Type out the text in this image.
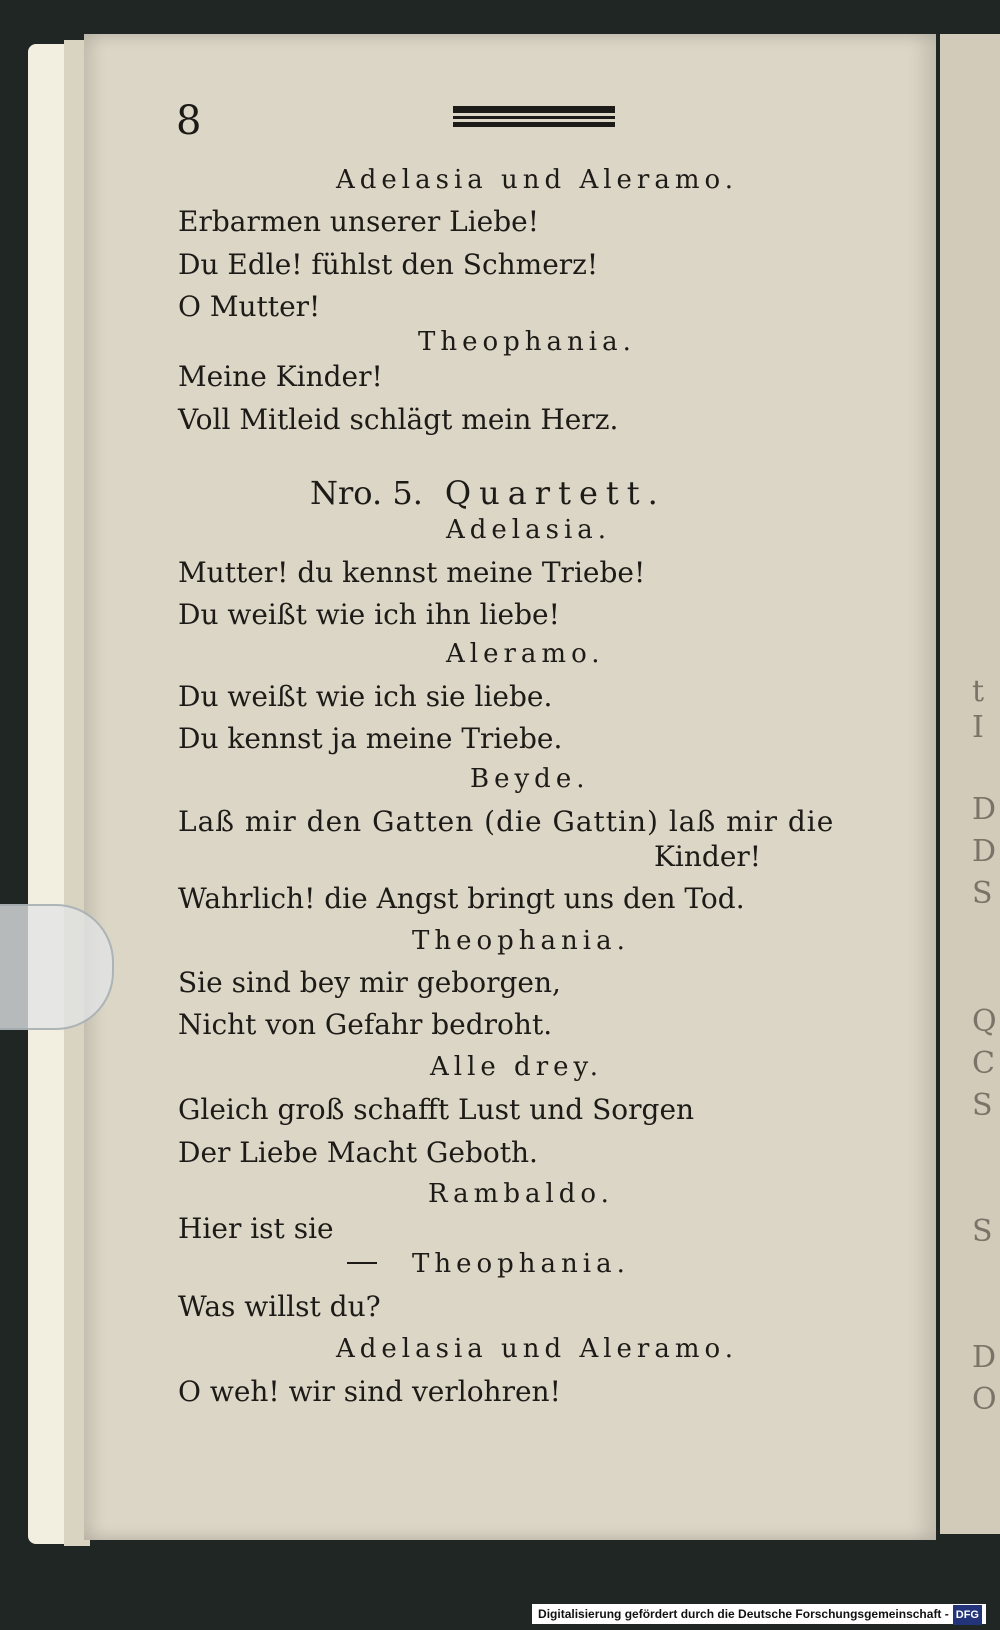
t
I
D
D
S
Q
C
S
S
D
O
8
Adelasia und Aleramo.
Erbarmen unserer Liebe!
Du Edle! fühlst den Schmerz!
O Mutter!
Theophania.
Meine Kinder!
Voll Mitleid schlägt mein Herz.
Nro. 5. Quartett.
Adelasia.
Mutter! du kennst meine Triebe!
Du weißt wie ich ihn liebe!
Aleramo.
Du weißt wie ich sie liebe.
Du kennst ja meine Triebe.
Beyde.
Laß mir den Gatten (die Gattin) laß mir die
Kinder!
Wahrlich! die Angst bringt uns den Tod.
Theophania.
Sie sind bey mir geborgen,
Nicht von Gefahr bedroht.
Alle drey.
Gleich groß schafft Lust und Sorgen
Der Liebe Macht Geboth.
Rambaldo.
Hier ist sie
Theophania.
Was willst du?
Adelasia und Aleramo.
O weh! wir sind verlohren!
Digitalisierung gefördert durch die Deutsche Forschungsgemeinschaft - DFG
